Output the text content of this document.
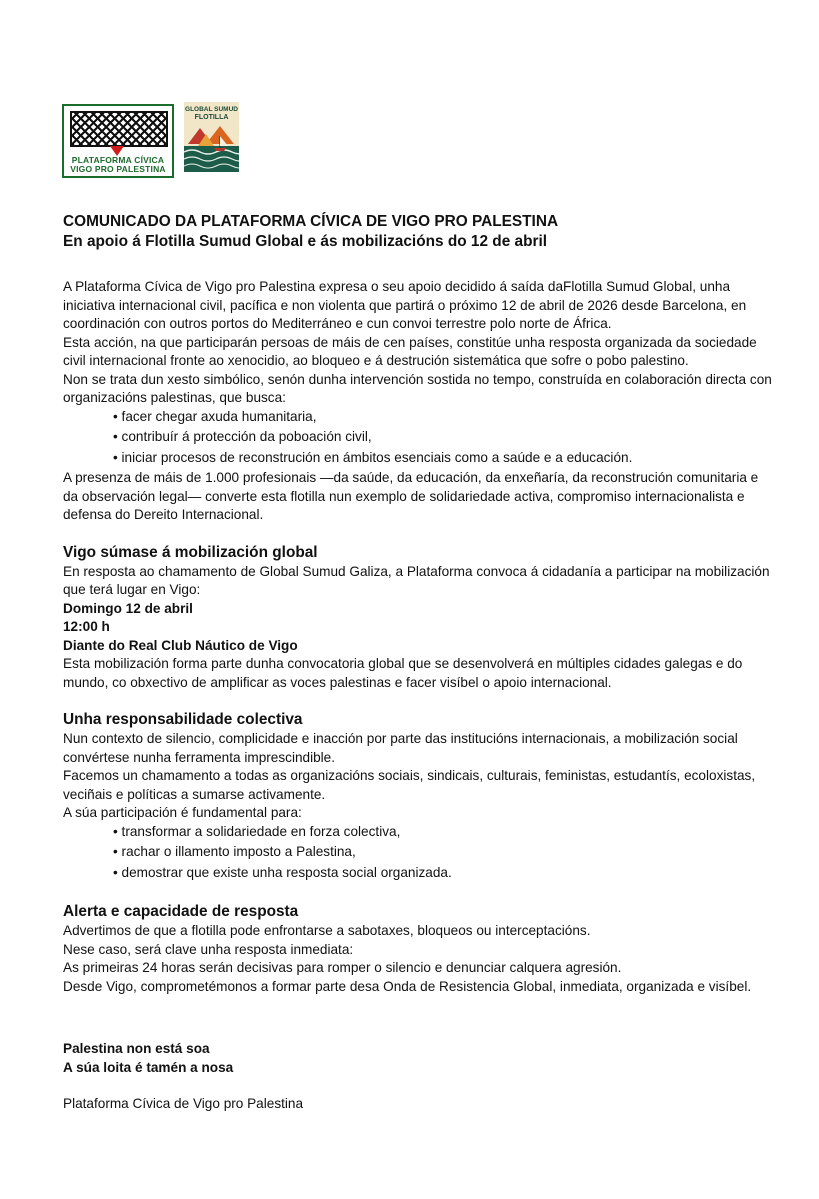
PLATAFORMA CÍVICA
VIGO PRO PALESTINA
GLOBAL SUMUD
FLOTILLA

COMUNICADO DA PLATAFORMA CÍVICA DE VIGO PRO PALESTINA

En apoio á Flotilla Sumud Global e ás mobilizacións do 12 de abril

A Plataforma Cívica de Vigo pro Palestina expresa o seu apoio decidido á saída daFlotilla Sumud Global, unha iniciativa internacional civil, pacífica e non violenta que partirá o próximo 12 de abril de 2026 desde Barcelona, en coordinación con outros portos do Mediterráneo e cun convoi terrestre polo norte de África.

Esta acción, na que participarán persoas de máis de cen países, constitúe unha resposta organizada da sociedade civil internacional fronte ao xenocidio, ao bloqueo e á destrución sistemática que sofre o pobo palestino.

Non se trata dun xesto simbólico, senón dunha intervención sostida no tempo, construída en colaboración directa con organizacións palestinas, que busca:

• facer chegar axuda humanitaria,
• contribuír á protección da poboación civil,
• iniciar procesos de reconstrución en ámbitos esenciais como a saúde e a educación.

A presenza de máis de 1.000 profesionais —da saúde, da educación, da enxeñaría, da reconstrución comunitaria e da observación legal— converte esta flotilla nun exemplo de solidariedade activa, compromiso internacionalista e defensa do Dereito Internacional.

Vigo súmase á mobilización global

En resposta ao chamamento de Global Sumud Galiza, a Plataforma convoca á cidadanía a participar na mobilización que terá lugar en Vigo:

Domingo 12 de abril

12:00 h

Diante do Real Club Náutico de Vigo

Esta mobilización forma parte dunha convocatoria global que se desenvolverá en múltiples cidades galegas e do mundo, co obxectivo de amplificar as voces palestinas e facer visíbel o apoio internacional.

Unha responsabilidade colectiva

Nun contexto de silencio, complicidade e inacción por parte das institucións internacionais, a mobilización social convértese nunha ferramenta imprescindible.

Facemos un chamamento a todas as organizacións sociais, sindicais, culturais, feministas, estudantís, ecoloxistas, veciñais e políticas a sumarse activamente.

A súa participación é fundamental para:

• transformar a solidariedade en forza colectiva,
• rachar o illamento imposto a Palestina,
• demostrar que existe unha resposta social organizada.
Alerta e capacidade de resposta

Advertimos de que a flotilla pode enfrontarse a sabotaxes, bloqueos ou interceptacións.

Nese caso, será clave unha resposta inmediata:

As primeiras 24 horas serán decisivas para romper o silencio e denunciar calquera agresión.

Desde Vigo, comprometémonos a formar parte desa Onda de Resistencia Global, inmediata, organizada e visíbel.

Palestina non está soa

A súa loita é tamén a nosa

Plataforma Cívica de Vigo pro Palestina
